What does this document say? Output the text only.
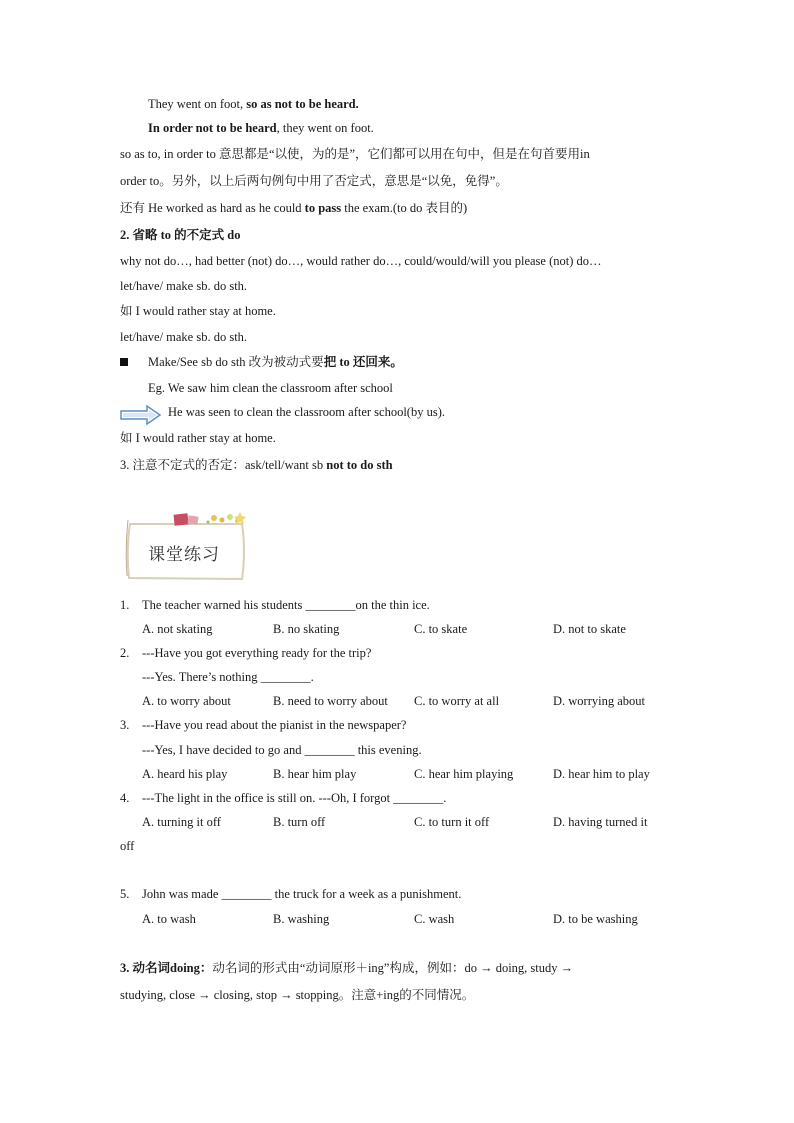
They went on foot, so as not to be heard.
In order not to be heard, they went on foot.
so as to, in order to 意思都是“以使，为的是”，它们都可以用在句中，但是在句首要用in
order to。另外，以上后两句例句中用了否定式，意思是“以免，免得”。
还有 He worked as hard as he could to pass the exam.(to do 表目的)
2. 省略 to 的不定式 do
why not do…, had better (not) do…, would rather do…, could/would/will you please (not) do…
let/have/ make sb. do sth.
如 I would rather stay at home.
let/have/ make sb. do sth.
Make/See sb do sth 改为被动式要把 to 还回来。
Eg. We saw him clean the classroom after school
He was seen to clean the classroom after school(by us).
如 I would rather stay at home.
3. 注意不定式的否定：ask/tell/want sb not to do sth
课堂练习
1. The teacher warned his students ________on the thin ice.
A. not skating	B. no skating	C. to skate	D. not to skate
2. ---Have you got everything ready for the trip?
---Yes. There’s nothing ________.
A. to worry about	B. need to worry about C. to worry at all	D. worrying about
3. ---Have you read about the pianist in the newspaper?
---Yes, I have decided to go and ________ this evening.
A. heard his play	B. hear him play	C. hear him playing	D. hear him to play
4. ---The light in the office is still on. ---Oh, I forgot ________.
A. turning it off	B. turn off	C. to turn it off	D. having turned it
off
5. John was made ________ the truck for a week as a punishment.
A. to wash	B. washing	C. wash	D. to be washing
3. 动名词doing：动名词的形式由“动词原形＋ing”构成，例如：do → doing, study →
studying, close → closing, stop → stopping。注意+ing的不同情况。
